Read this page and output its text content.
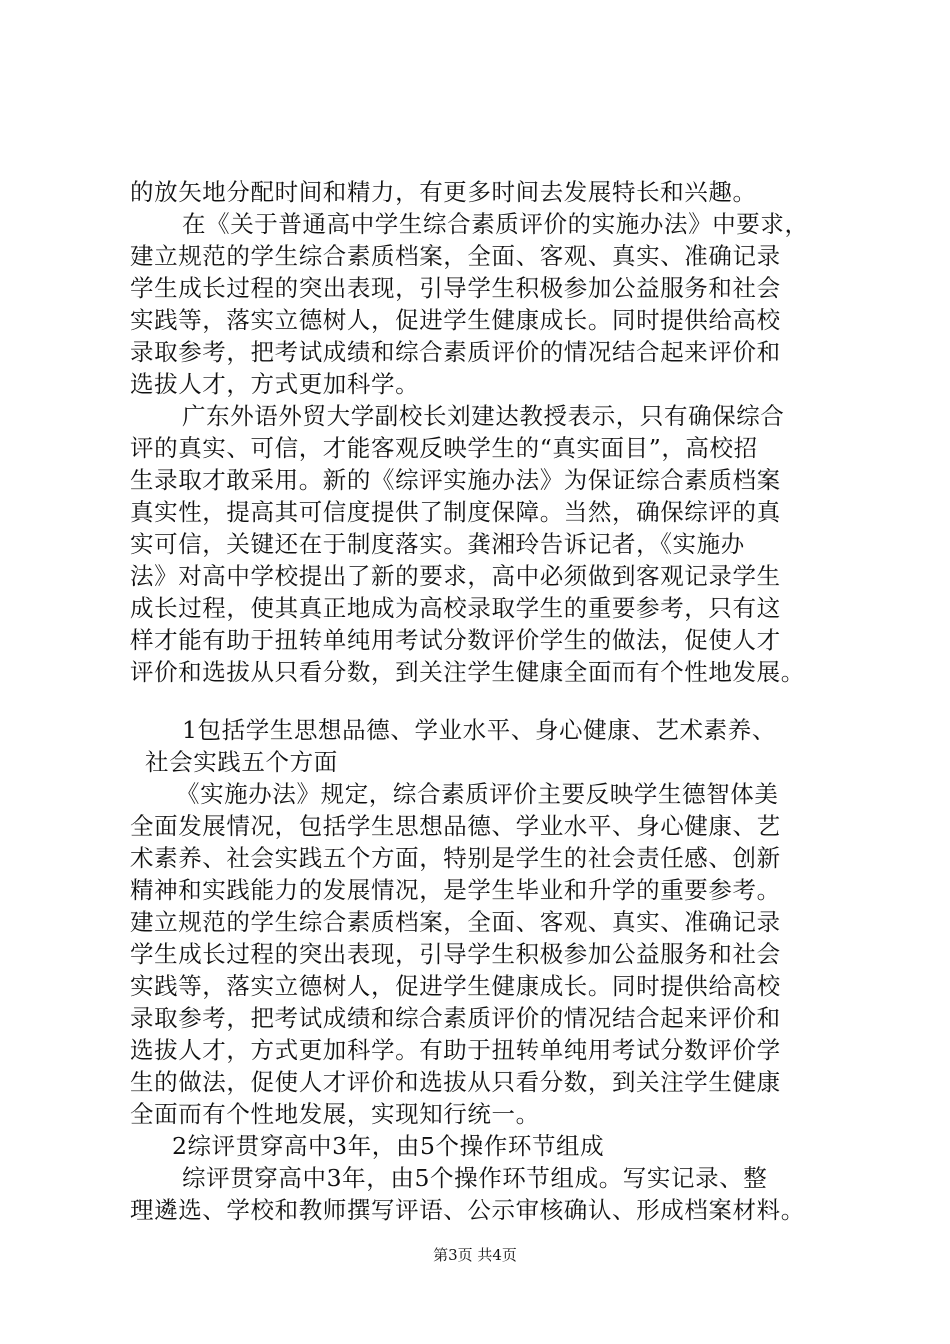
的放矢地分配时间和精力，有更多时间去发展特长和兴趣。
在《关于普通高中学生综合素质评价的实施办法》中要求，
建立规范的学生综合素质档案，全面、客观、真实、准确记录
学生成长过程的突出表现，引导学生积极参加公益服务和社会
实践等，落实立德树人，促进学生健康成长。同时提供给高校
录取参考，把考试成绩和综合素质评价的情况结合起来评价和
选拔人才，方式更加科学。
广东外语外贸大学副校长刘建达教授表示，只有确保综合
评的真实、可信，才能客观反映学生的“真实面目”，高校招
生录取才敢采用。新的《综评实施办法》为保证综合素质档案
真实性，提高其可信度提供了制度保障。当然，确保综评的真
实可信，关键还在于制度落实。龚湘玲告诉记者，《实施办
法》对高中学校提出了新的要求，高中必须做到客观记录学生
成长过程，使其真正地成为高校录取学生的重要参考，只有这
样才能有助于扭转单纯用考试分数评价学生的做法，促使人才
评价和选拔从只看分数，到关注学生健康全面而有个性地发展。
1包括学生思想品德、学业水平、身心健康、艺术素养、
社会实践五个方面
《实施办法》规定，综合素质评价主要反映学生德智体美
全面发展情况，包括学生思想品德、学业水平、身心健康、艺
术素养、社会实践五个方面，特别是学生的社会责任感、创新
精神和实践能力的发展情况，是学生毕业和升学的重要参考。
建立规范的学生综合素质档案，全面、客观、真实、准确记录
学生成长过程的突出表现，引导学生积极参加公益服务和社会
实践等，落实立德树人，促进学生健康成长。同时提供给高校
录取参考，把考试成绩和综合素质评价的情况结合起来评价和
选拔人才，方式更加科学。有助于扭转单纯用考试分数评价学
生的做法，促使人才评价和选拔从只看分数，到关注学生健康
全面而有个性地发展，实现知行统一。
2综评贯穿高中3年，由5个操作环节组成
综评贯穿高中3年，由5个操作环节组成。写实记录、整
理遴选、学校和教师撰写评语、公示审核确认、形成档案材料。
第3页 共4页
